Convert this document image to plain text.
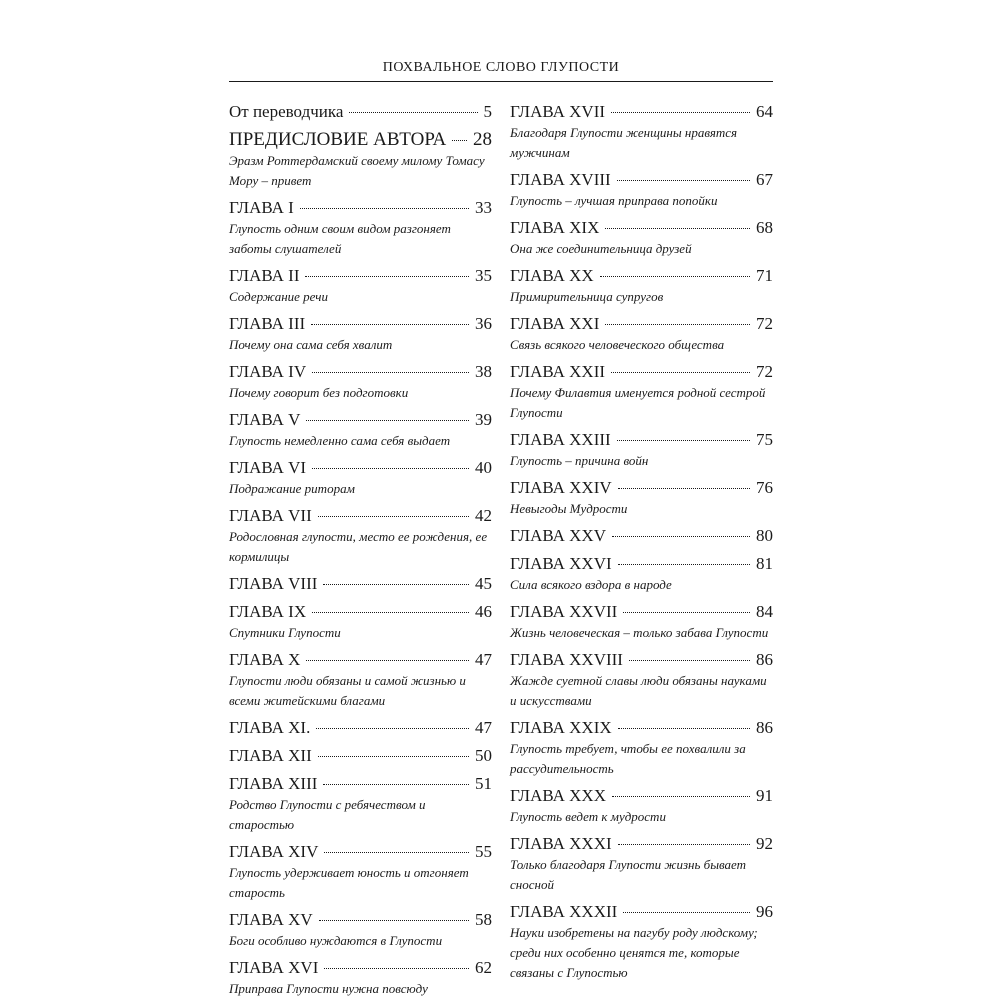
ПОХВАЛЬНОЕ СЛОВО ГЛУПОСТИ
От переводчика	5
ПРЕДИСЛОВИЕ АВТОРА 28
Эразм Роттердамский своему милому Томасу Мору – привет
ГЛАВА I	33
Глупость одним своим видом разгоняет заботы слушателей
ГЛАВА II	35
Содержание речи
ГЛАВА III	36
Почему она сама себя хвалит
ГЛАВА IV	38
Почему говорит без подготовки
ГЛАВА V	39
Глупость немедленно сама себя выдает
ГЛАВА VI	40
Подражание риторам
ГЛАВА VII	42
Родословная глупости, место ее рождения, ее кормилицы
ГЛАВА VIII	45
ГЛАВА IX	46
Спутники Глупости
ГЛАВА X	47
Глупости люди обязаны и самой жизнью и всеми житейскими благами
ГЛАВА XI.	47
ГЛАВА XII	50
ГЛАВА XIII	51
Родство Глупости с ребячеством и старостью
ГЛАВА XIV	55
Глупость удерживает юность и отгоняет старость
ГЛАВА XV	58
Боги особливо нуждаются в Глупости
ГЛАВА XVI	62
Приправа Глупости нужна повсюду
ГЛАВА XVII	64
Благодаря Глупости женщины нравятся мужчинам
ГЛАВА XVIII	67
Глупость – лучшая приправа попойки
ГЛАВА XIX	68
Она же соединительница друзей
ГЛАВА XX	71
Примирительница супругов
ГЛАВА XXI	72
Связь всякого человеческого общества
ГЛАВА XXII	72
Почему Филавтия именуется родной сестрой Глупости
ГЛАВА XXIII	75
Глупость – причина войн
ГЛАВА XXIV	76
Невыгоды Мудрости
ГЛАВА XXV	80
ГЛАВА XXVI	81
Сила всякого вздора в народе
ГЛАВА XXVII	84
Жизнь человеческая – только забава Глупости
ГЛАВА XXVIII	86
Жажде суетной славы люди обязаны науками и искусствами
ГЛАВА XXIX	86
Глупость требует, чтобы ее похвалили за рассудительность
ГЛАВА XXX	91
Глупость ведет к мудрости
ГЛАВА XXXI	92
Только благодаря Глупости жизнь бывает сносной
ГЛАВА XXXII	96
Науки изобретены на пагубу роду людскому; среди них особенно ценятся те, которые связаны с Глупостью
